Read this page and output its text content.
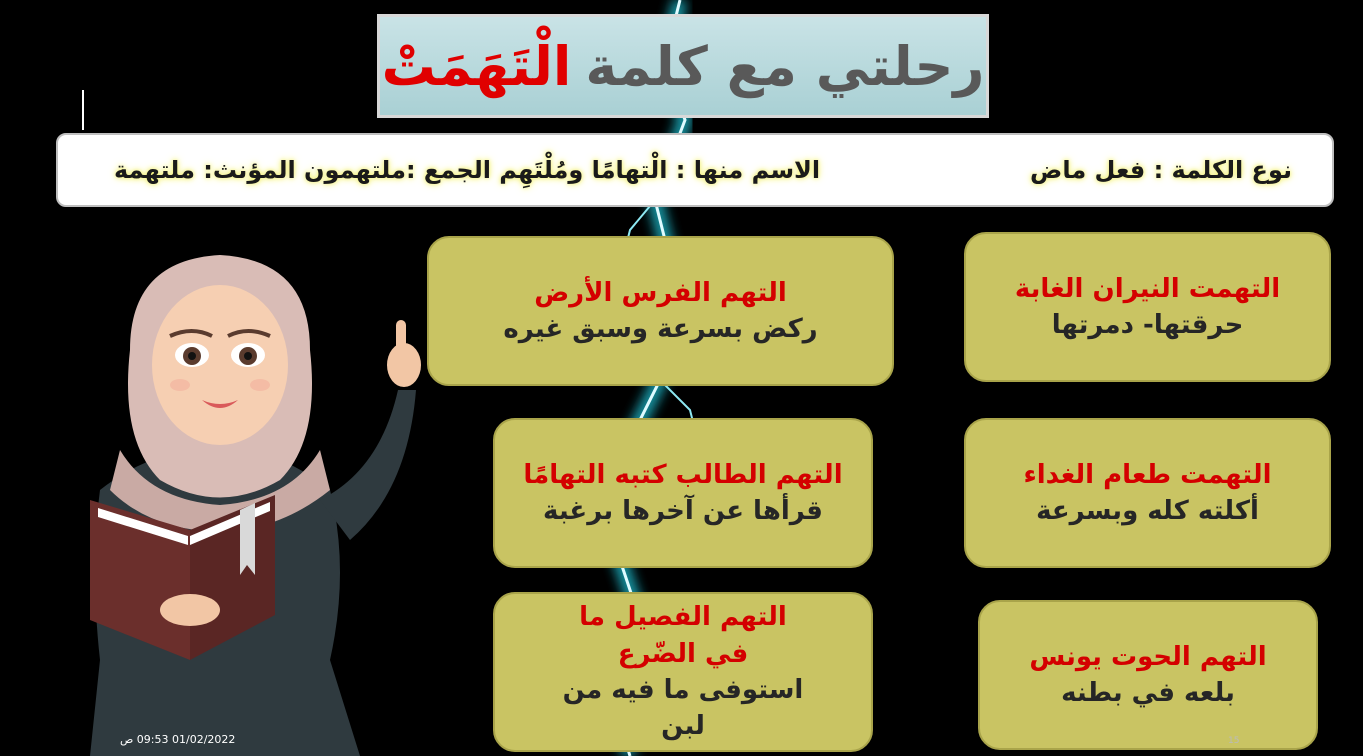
رحلتي مع كلمة
الْتَهَمَتْ
نوع الكلمة : فعل ماض
الاسم منها : الْتهامًا ومُلْتَهِم الجمع :ملتهمون المؤنث: ملتهمة
التهمت النيران الغابة
حرقتها- دمرتها
التهم الفرس الأرض
ركض بسرعة وسبق غيره
التهمت طعام الغداء
أكلته كله وبسرعة
التهم الطالب كتبه التهامًا
قرأها عن آخرها برغبة
التهم الحوت يونس
بلعه في بطنه
التهم الفصيل ما في الضّرع
استوفى ما فيه من لبن
01/02/2022 09:53 ص	15
